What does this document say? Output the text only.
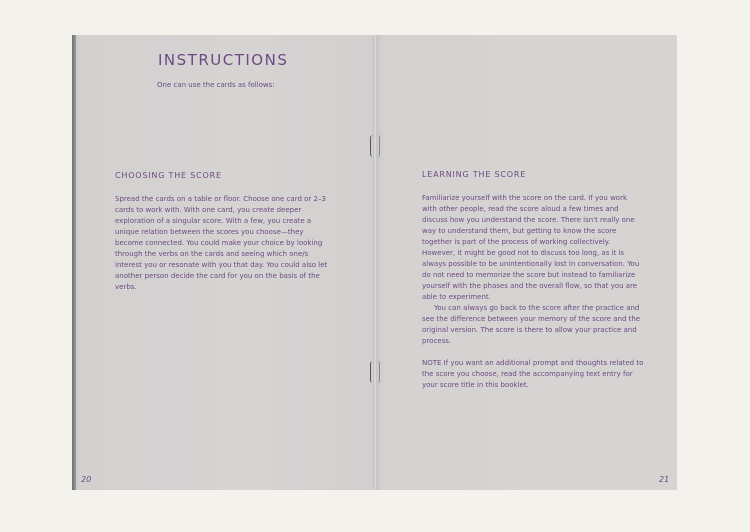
INSTRUCTIONS
One can use the cards as follows:
CHOOSING THE SCORE

Spread the cards on a table or floor. Choose one card or 2–3 cards to work with. With one card, you create deeper exploration of a singular score. With a few, you create a unique relation between the scores you choose—they become connected. You could make your choice by looking through the verbs on the cards and seeing which one/s interest you or resonate with you that day. You could also let another person decide the card for you on the basis of the verbs.

20
LEARNING THE SCORE

Familiarize yourself with the score on the card. If you work with other people, read the score aloud a few times and discuss how you understand the score. There isn't really one way to understand them, but getting to know the score together is part of the process of working collectively. However, it might be good not to discuss too long, as it is always possible to be unintentionally lost in conversation. You do not need to memorize the score but instead to familiarize yourself with the phases and the overall flow, so that you are able to experiment.

You can always go back to the score after the practice and see the difference between your memory of the score and the original version. The score is there to allow your practice and process.

NOTE If you want an additional prompt and thoughts related to the score you choose, read the accompanying text entry for your score title in this booklet.

21
